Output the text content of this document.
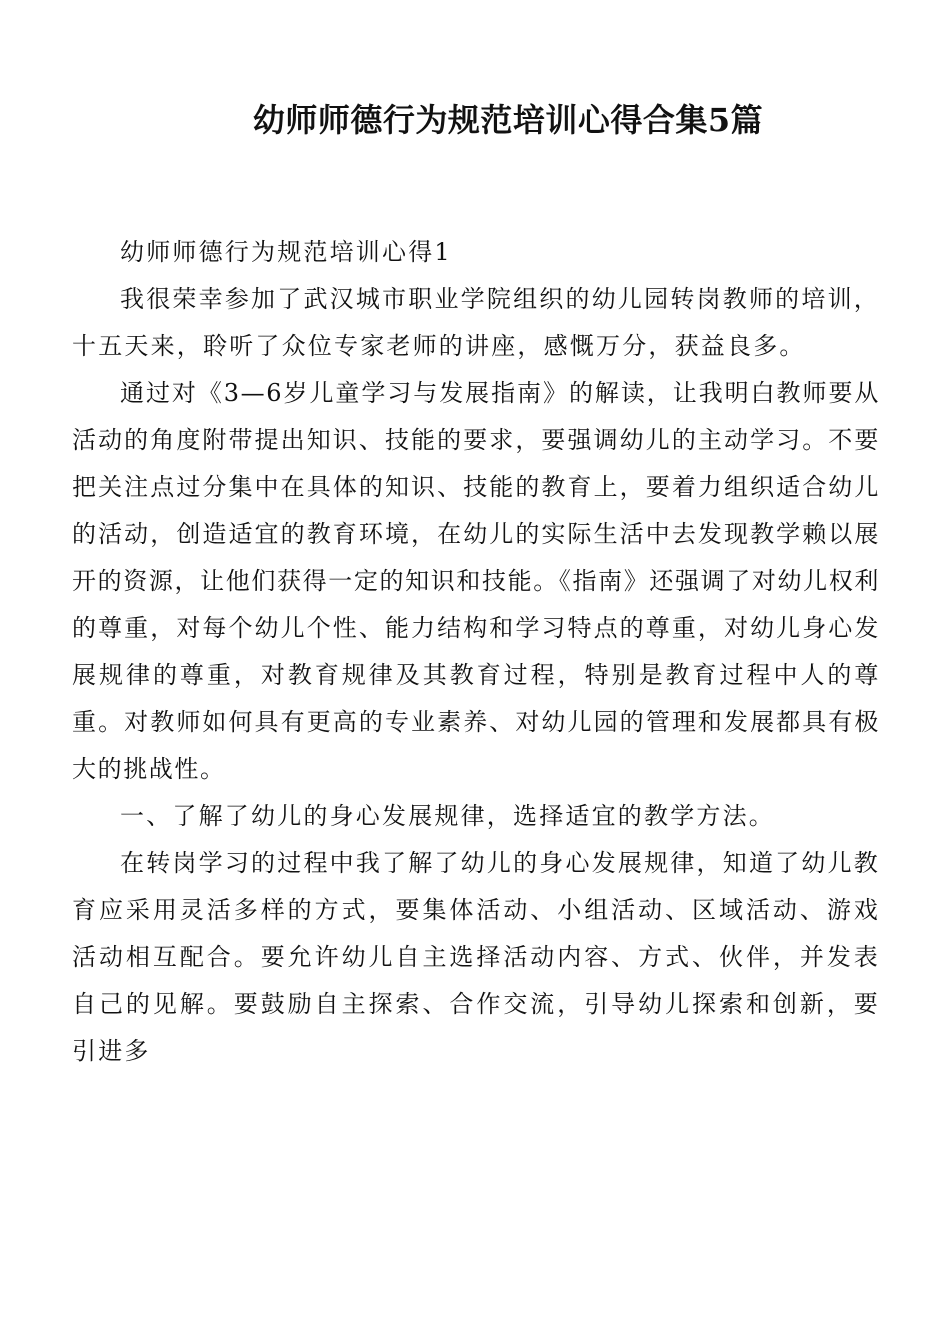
幼师师德行为规范培训心得合集5篇

幼师师德行为规范培训心得1

我很荣幸参加了武汉城市职业学院组织的幼儿园转岗教师的培训，十五天来，聆听了众位专家老师的讲座，感慨万分，获益良多。

通过对《3—6岁儿童学习与发展指南》的解读，让我明白教师要从活动的角度附带提出知识、技能的要求，要强调幼儿的主动学习。不要把关注点过分集中在具体的知识、技能的教育上，要着力组织适合幼儿的活动，创造适宜的教育环境，在幼儿的实际生活中去发现教学赖以展开的资源，让他们获得一定的知识和技能。《指南》还强调了对幼儿权利的尊重，对每个幼儿个性、能力结构和学习特点的尊重，对幼儿身心发展规律的尊重，对教育规律及其教育过程，特别是教育过程中人的尊重。对教师如何具有更高的专业素养、对幼儿园的管理和发展都具有极大的挑战性。

一、了解了幼儿的身心发展规律，选择适宜的教学方法。

在转岗学习的过程中我了解了幼儿的身心发展规律，知道了幼儿教育应采用灵活多样的方式，要集体活动、小组活动、区域活动、游戏活动相互配合。要允许幼儿自主选择活动内容、方式、伙伴，并发表自己的见解。要鼓励自主探索、合作交流，引导幼儿探索和创新，要引进多
